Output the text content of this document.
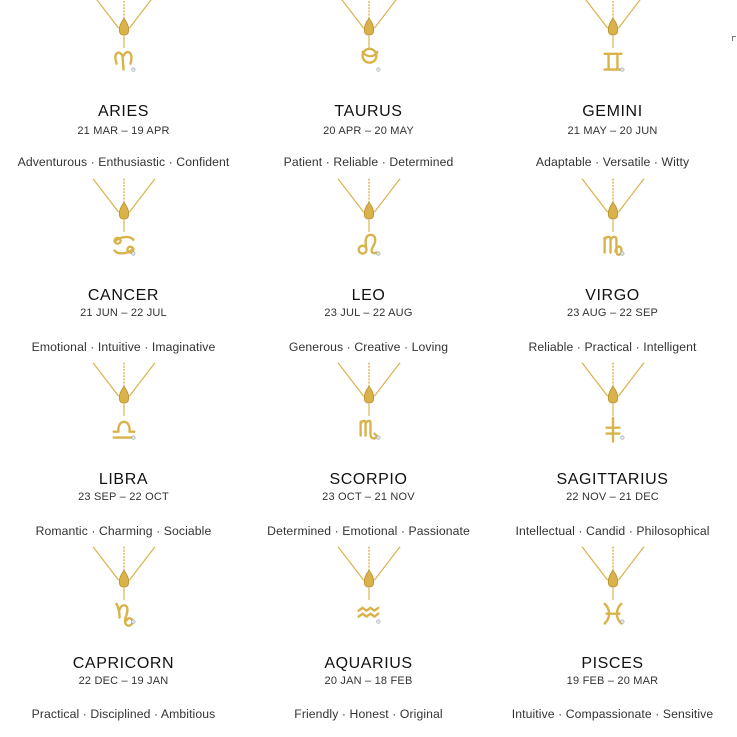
ARIES
21 MAR – 19 APR
Adventurous · Enthusiastic · Confident
TAURUS
20 APR – 20 MAY
Patient · Reliable · Determined
GEMINI
21 MAY – 20 JUN
Adaptable · Versatile · Witty
CANCER
21 JUN – 22 JUL
Emotional · Intuitive · Imaginative
LEO
23 JUL – 22 AUG
Generous · Creative · Loving
VIRGO
23 AUG – 22 SEP
Reliable · Practical · Intelligent
LIBRA
23 SEP – 22 OCT
Romantic · Charming · Sociable
SCORPIO
23 OCT – 21 NOV
Determined · Emotional · Passionate
SAGITTARIUS
22 NOV – 21 DEC
Intellectual · Candid · Philosophical
CAPRICORN
22 DEC – 19 JAN
Practical · Disciplined · Ambitious
AQUARIUS
20 JAN – 18 FEB
Friendly · Honest · Original
PISCES
19 FEB – 20 MAR
Intuitive · Compassionate · Sensitive
